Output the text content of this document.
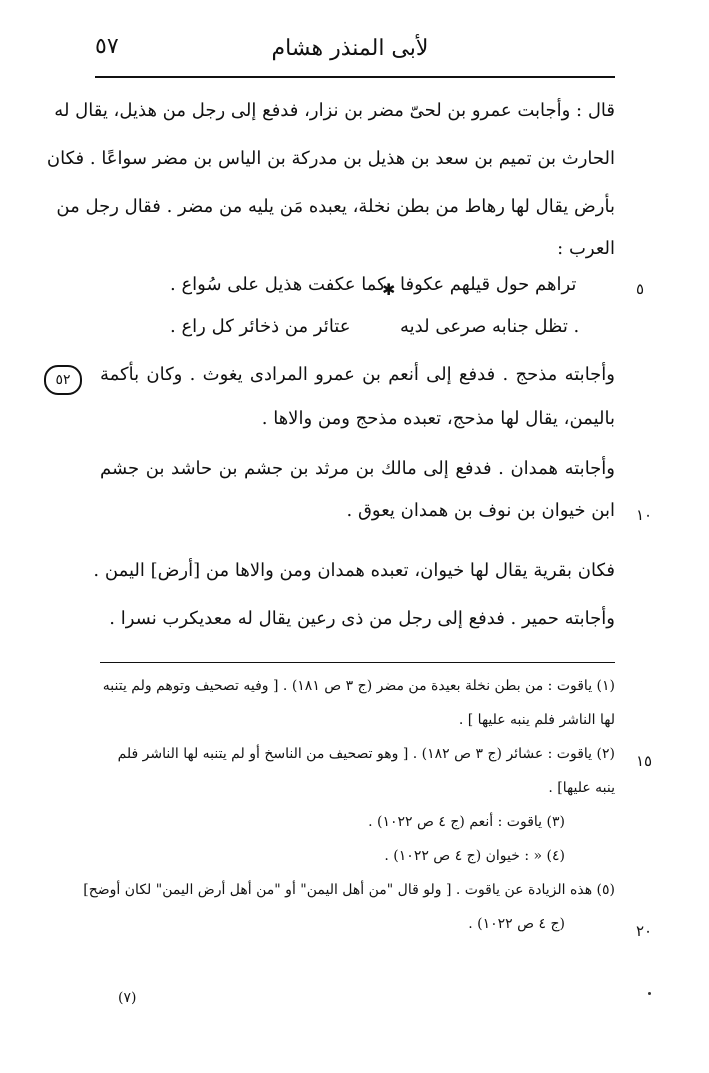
لأبى المنذر هشام
٥٧
قال : وأجابت عمرو بن لحىّ مضر بن نزار، فدفع إلى رجل من هذيل، يقال له
الحارث بن تميم بن سعد بن هذيل بن مدركة بن الياس بن مضر سواعًا . فكان
بأرض يقال لها رهاط من بطن نخلة، يعبده مَن يليه من مضر . فقال رجل من
العرب :
٥
تراهم حول قيلهم عكوفا
✱
كما عكفت هذيل على سُواع .
. تظل جنابه صرعى لديه
عتائر من ذخائر كل راع .
٥٢	وأجابته مذحج . فدفع إلى أنعم بن عمرو المرادى يغوث . وكان بأكمة
باليمن، يقال لها مذحج، تعبده مذحج ومن والاها .
وأجابته همدان . فدفع إلى مالك بن مرثد بن جشم بن حاشد بن جشم
١٠
ابن خيوان بن نوف بن همدان يعوق .
فكان بقرية يقال لها خيوان، تعبده همدان ومن والاها من [أرض] اليمن .
وأجابته حمير . فدفع إلى رجل من ذى رعين يقال له معديكرب نسرا .
(١) ياقوت : من بطن نخلة بعيدة من مضر (ج ٣ ص ١٨١) . [ وفيه تصحيف وتوهم ولم يتنبه
لها الناشر فلم ينبه عليها ] .
١٥
(٢) ياقوت : عشائر (ج ٣ ص ١٨٢) . [ وهو تصحيف من الناسخ أو لم يتنبه لها الناشر فلم
ينبه عليها] .
(٣) ياقوت : أنعم (ج ٤ ص ١٠٢٢) .
(٤) « : خيوان (ج ٤ ص ١٠٢٢) .
(٥) هذه الزيادة عن ياقوت . [ ولو قال "من أهل اليمن" أو "من أهل أرض اليمن" لكان أوضح]
٢٠
(ج ٤ ص ١٠٢٢) .
(٧)
